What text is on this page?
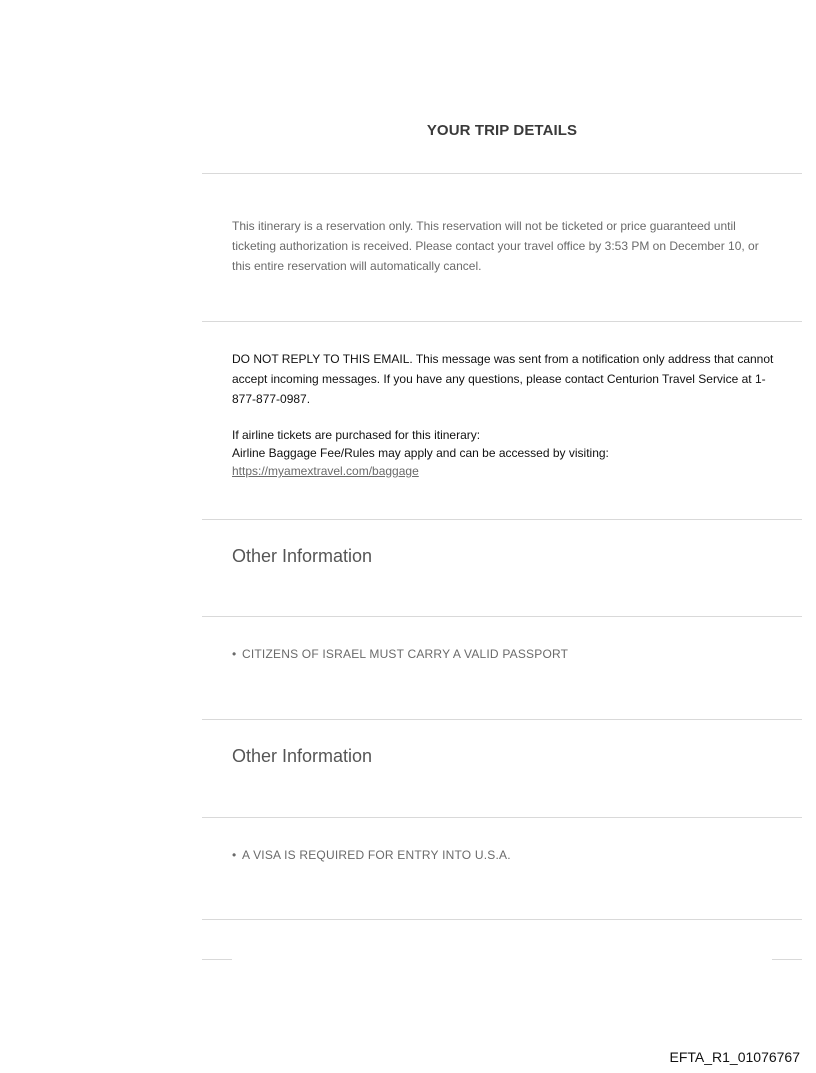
YOUR TRIP DETAILS
This itinerary is a reservation only. This reservation will not be ticketed or price guaranteed until ticketing authorization is received. Please contact your travel office by 3:53 PM on December 10, or this entire reservation will automatically cancel.
DO NOT REPLY TO THIS EMAIL. This message was sent from a notification only address that cannot accept incoming messages. If you have any questions, please contact Centurion Travel Service at 1-877-877-0987.
If airline tickets are purchased for this itinerary:
Airline Baggage Fee/Rules may apply and can be accessed by visiting:
https://myamextravel.com/baggage
Other Information
• CITIZENS OF ISRAEL MUST CARRY A VALID PASSPORT
Other Information
• A VISA IS REQUIRED FOR ENTRY INTO U.S.A.
EFTA_R1_01076767
